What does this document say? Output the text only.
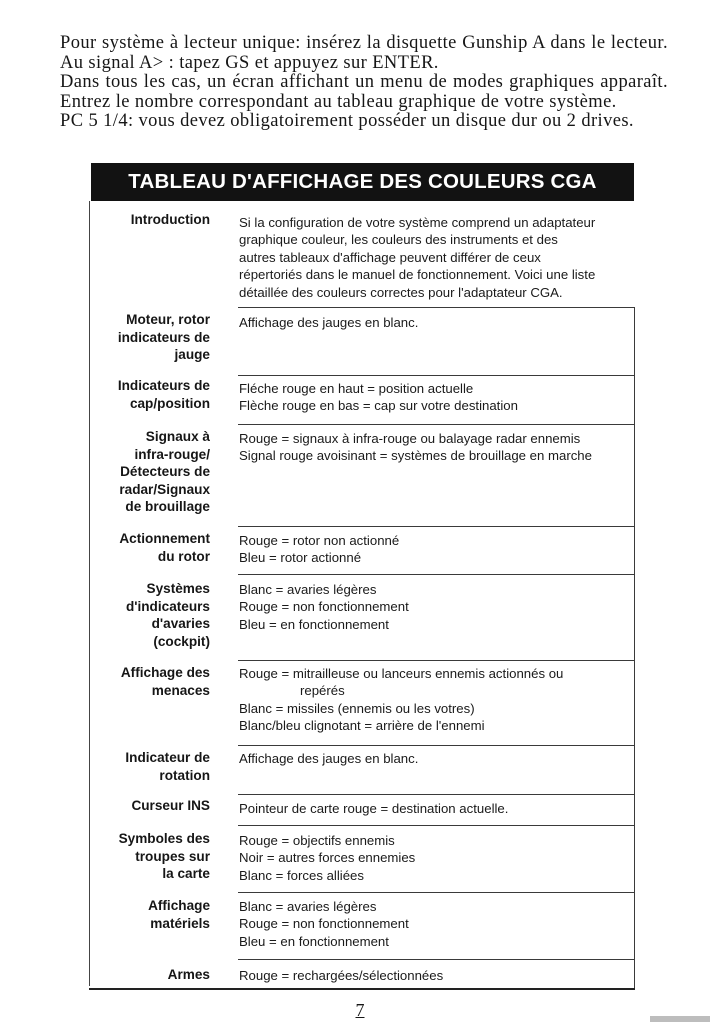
Pour système à lecteur unique: insérez la disquette Gunship A dans le lecteur. Au signal A> : tapez GS et appuyez sur ENTER.

Dans tous les cas, un écran affichant un menu de modes graphiques apparaît. Entrez le nombre correspondant au tableau graphique de votre système.

PC 5 1/4: vous devez obligatoirement posséder un disque dur ou 2 drives.

TABLEAU D'AFFICHAGE DES COULEURS CGA
Introduction Si la configuration de votre système comprend un adaptateur
graphique couleur, les couleurs des instruments et des
autres tableaux d'affichage peuvent différer de ceux
répertoriés dans le manuel de fonctionnement. Voici une liste
détaillée des couleurs correctes pour l'adaptateur CGA.
Moteur, rotor
indicateurs de
jauge
Affichage des jauges en blanc.
Indicateurs de
cap/position
Fléche rouge en haut = position actuelle
Flèche rouge en bas = cap sur votre destination
Signaux à
infra-rouge/
Détecteurs de
radar/Signaux
de brouillage
Rouge = signaux à infra-rouge ou balayage radar ennemis
Signal rouge avoisinant = systèmes de brouillage en marche
Actionnement
du rotor
Rouge = rotor non actionné
Bleu = rotor actionné
Systèmes
d'indicateurs
d'avaries
(cockpit)
Blanc = avaries légères
Rouge = non fonctionnement
Bleu = en fonctionnement
Affichage des
menaces
Rouge = mitrailleuse ou lanceurs ennemis actionnés ou
repérés
Blanc = missiles (ennemis ou les votres)
Blanc/bleu clignotant = arrière de l'ennemi
Indicateur de
rotation
Affichage des jauges en blanc.
Curseur INS Pointeur de carte rouge = destination actuelle.
Symboles des
troupes sur
la carte
Rouge = objectifs ennemis
Noir = autres forces ennemies
Blanc = forces alliées
Affichage
matériels
Blanc = avaries légères
Rouge = non fonctionnement
Bleu = en fonctionnement
Armes Rouge = rechargées/sélectionnées
7
